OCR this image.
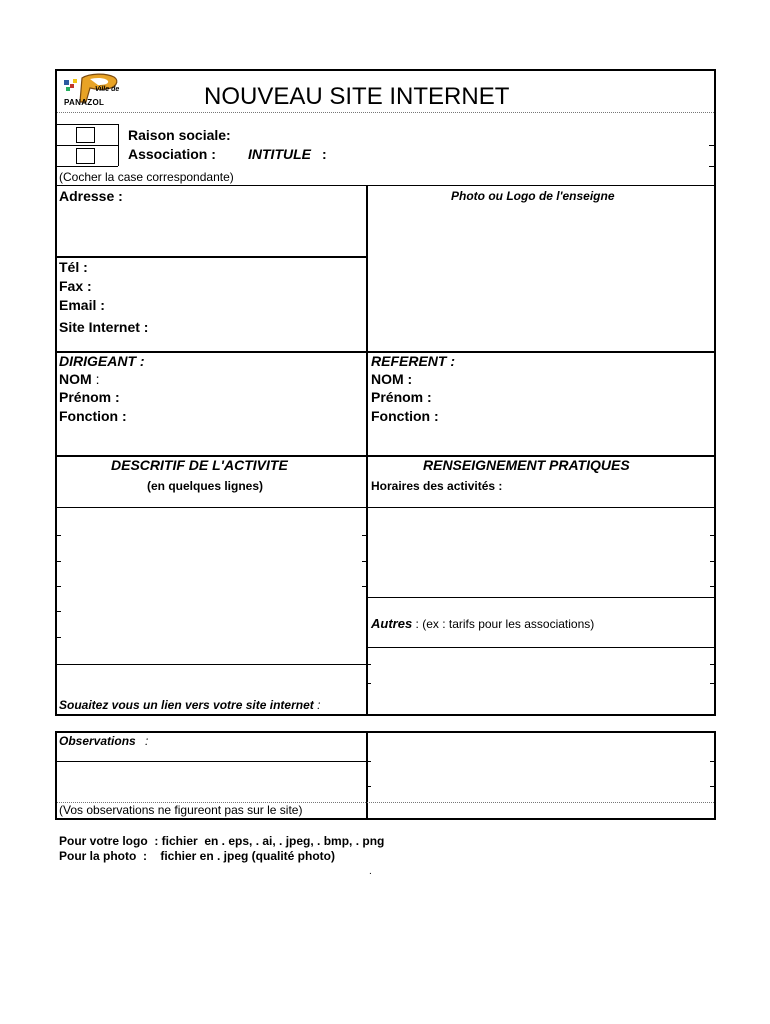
Ville de
PANAZOL	NOUVEAU SITE INTERNET
Raison sociale:
Association : INTITULE :
(Cocher la case correspondante)
Adresse :	Photo ou Logo de l'enseigne
Tél :
Fax :
Email :
Site Internet :
DIRIGEANT :
NOM :
Prénom :
Fonction :
REFERENT :
NOM :
Prénom :
Fonction :
DESCRITIF DE L'ACTIVITE
(en quelques lignes)
RENSEIGNEMENT PRATIQUES
Horaires des activités :
Autres : (ex : tarifs pour les associations)
Souaitez vous un lien vers votre site internet :
Observations :
(Vos observations ne figureont pas sur le site)
Pour votre logo  : fichier  en . eps, . ai, . jpeg, . bmp, . png
Pour la photo  :    fichier en . jpeg (qualité photo)
.
